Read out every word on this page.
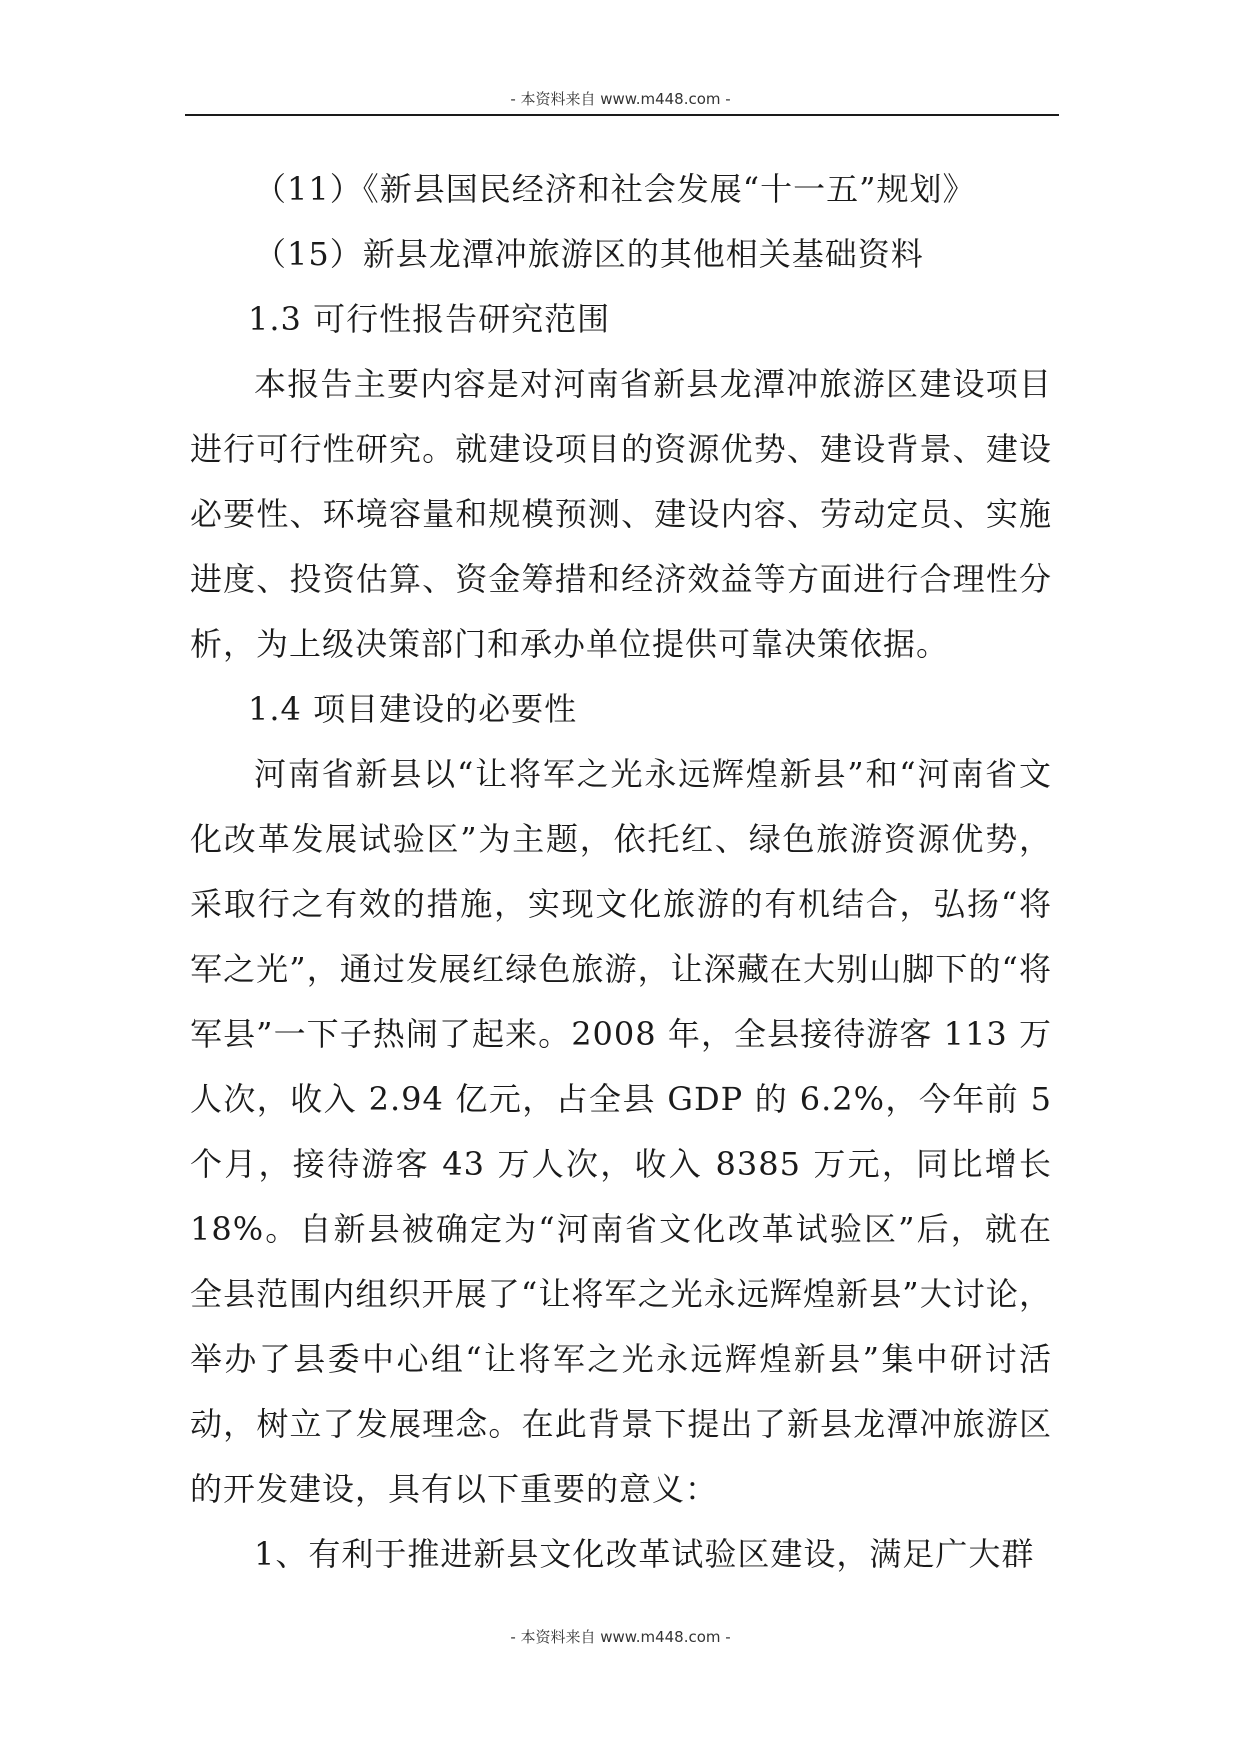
- 本资料来自 www.m448.com -

（11）《新县国民经济和社会发展“十一五”规划》

（15）新县龙潭冲旅游区的其他相关基础资料

1.3 可行性报告研究范围

本报告主要内容是对河南省新县龙潭冲旅游区建设项目进行可行性研究。就建设项目的资源优势、建设背景、建设必要性、环境容量和规模预测、建设内容、劳动定员、实施进度、投资估算、资金筹措和经济效益等方面进行合理性分析，为上级决策部门和承办单位提供可靠决策依据。

1.4 项目建设的必要性

河南省新县以“让将军之光永远辉煌新县”和“河南省文化改革发展试验区”为主题，依托红、绿色旅游资源优势，采取行之有效的措施，实现文化旅游的有机结合，弘扬“将军之光”，通过发展红绿色旅游，让深藏在大别山脚下的“将军县”一下子热闹了起来。2008 年，全县接待游客 113 万人次，收入 2.94 亿元，占全县 GDP 的 6.2%，今年前 5 个月，接待游客 43 万人次，收入 8385 万元，同比增长 18%。自新县被确定为“河南省文化改革试验区”后，就在全县范围内组织开展了“让将军之光永远辉煌新县”大讨论，举办了县委中心组“让将军之光永远辉煌新县”集中研讨活动，树立了发展理念。在此背景下提出了新县龙潭冲旅游区的开发建设，具有以下重要的意义：

1、有利于推进新县文化改革试验区建设，满足广大群

- 本资料来自 www.m448.com -
